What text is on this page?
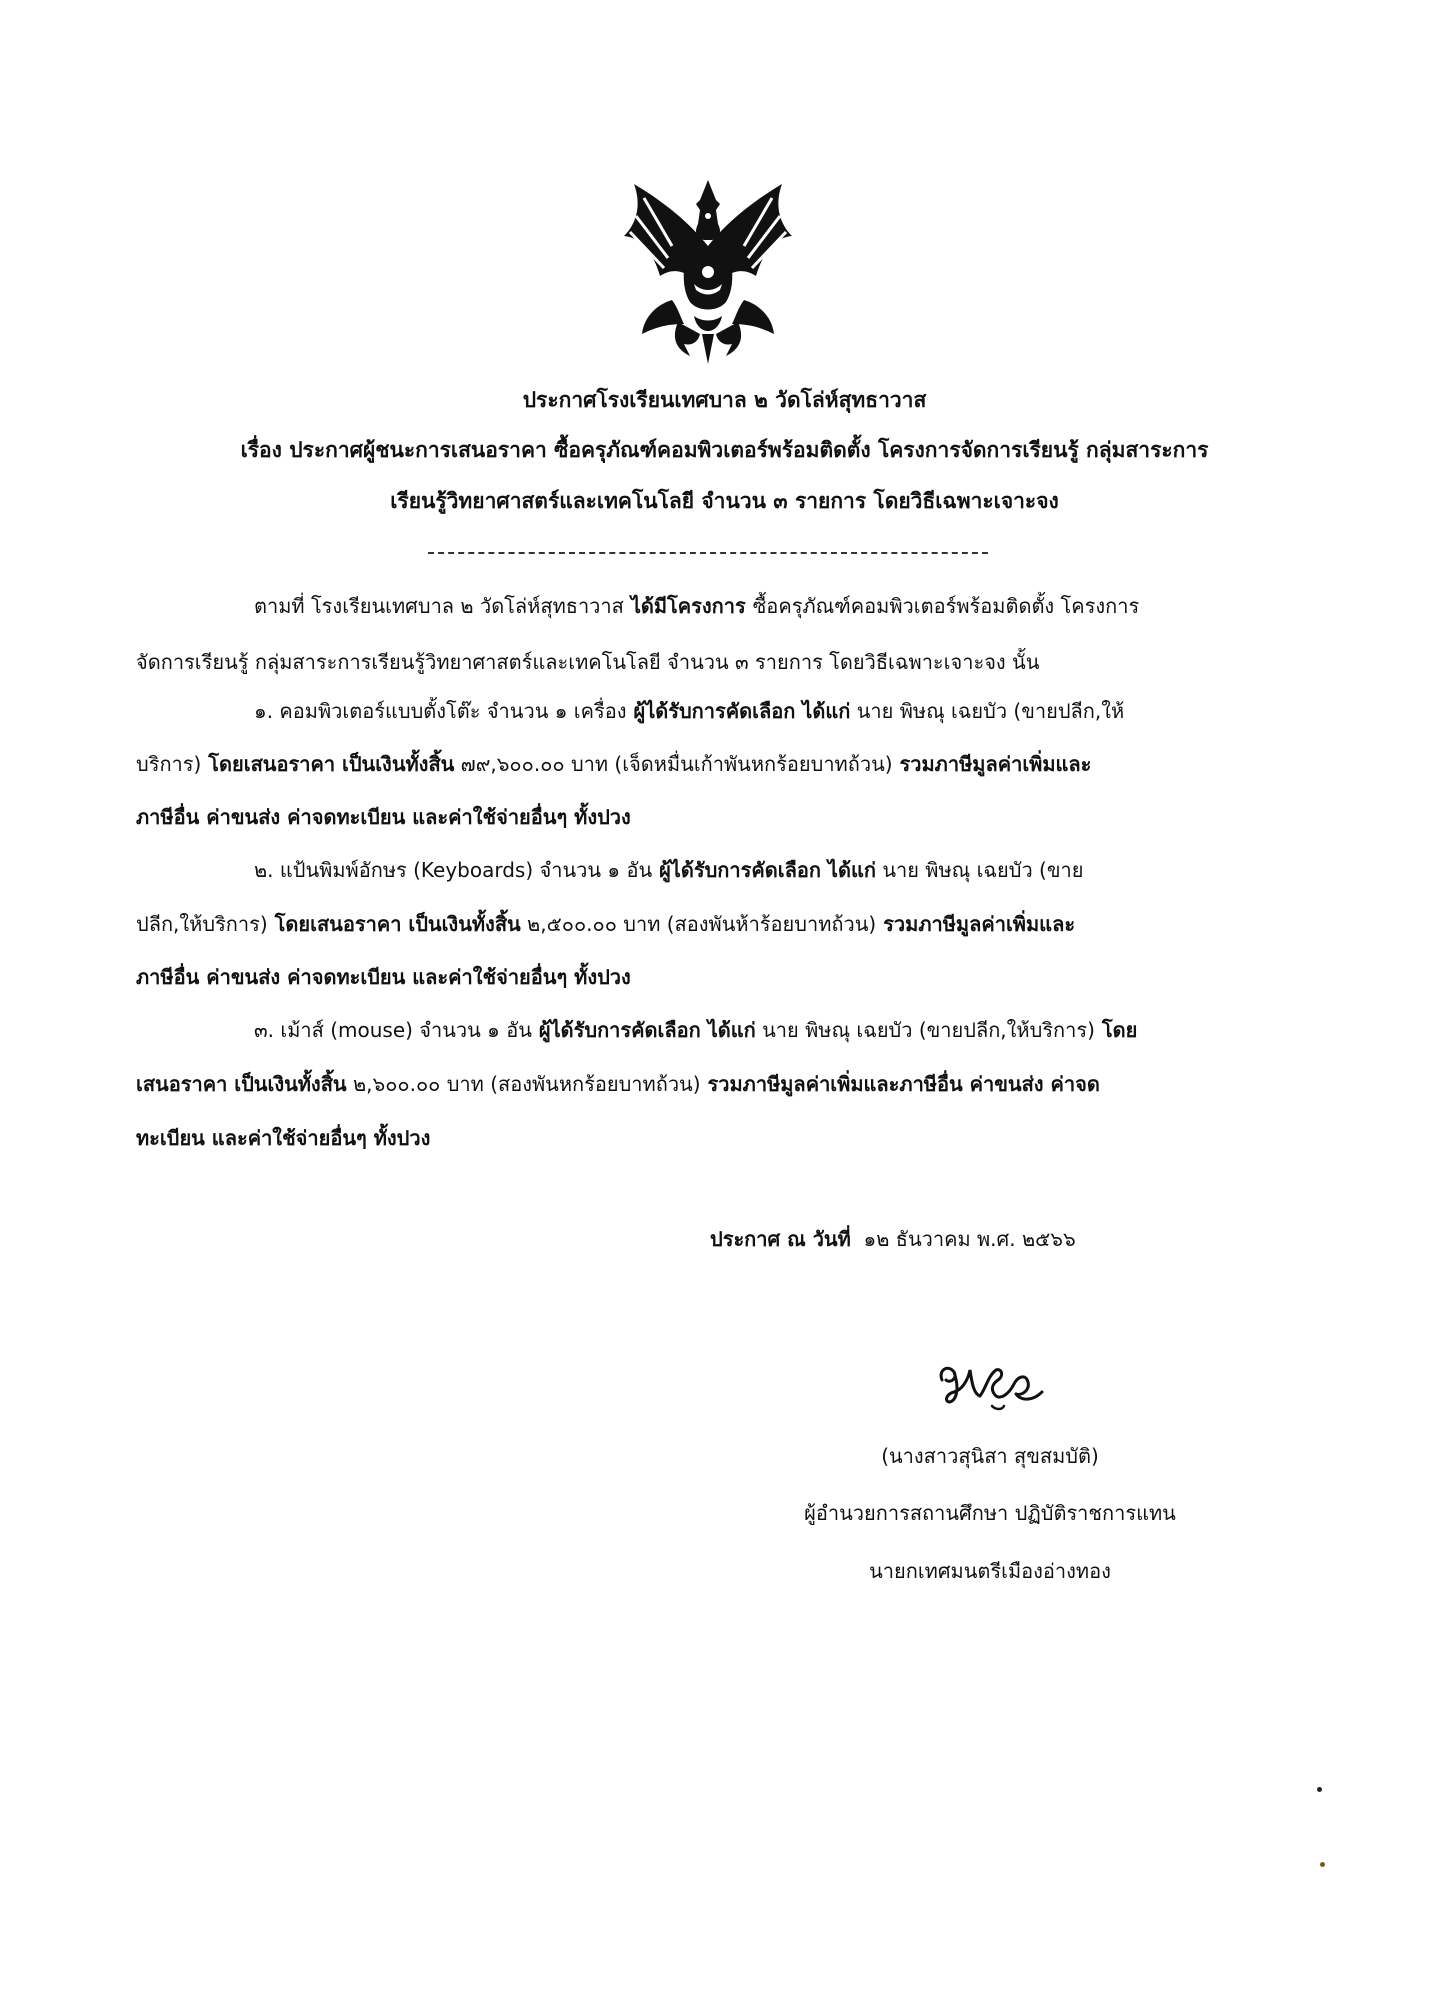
ประกาศโรงเรียนเทศบาล ๒ วัดโล่ห์สุทธาวาส
เรื่อง ประกาศผู้ชนะการเสนอราคา ซื้อครุภัณฑ์คอมพิวเตอร์พร้อมติดตั้ง โครงการจัดการเรียนรู้ กลุ่มสาระการ
เรียนรู้วิทยาศาสตร์และเทคโนโลยี จำนวน ๓ รายการ โดยวิธีเฉพาะเจาะจง
ตามที่ โรงเรียนเทศบาล ๒ วัดโล่ห์สุทธาวาส ได้มีโครงการ ซื้อครุภัณฑ์คอมพิวเตอร์พร้อมติดตั้ง โครงการ
จัดการเรียนรู้ กลุ่มสาระการเรียนรู้วิทยาศาสตร์และเทคโนโลยี จำนวน ๓ รายการ โดยวิธีเฉพาะเจาะจง นั้น
๑. คอมพิวเตอร์แบบตั้งโต๊ะ จำนวน ๑ เครื่อง ผู้ได้รับการคัดเลือก ได้แก่ นาย พิษณุ เฉยบัว (ขายปลีก,ให้
บริการ) โดยเสนอราคา เป็นเงินทั้งสิ้น ๗๙,๖๐๐.๐๐ บาท (เจ็ดหมื่นเก้าพันหกร้อยบาทถ้วน) รวมภาษีมูลค่าเพิ่มและ
ภาษีอื่น ค่าขนส่ง ค่าจดทะเบียน และค่าใช้จ่ายอื่นๆ ทั้งปวง
๒. แป้นพิมพ์อักษร (Keyboards) จำนวน ๑ อัน ผู้ได้รับการคัดเลือก ได้แก่ นาย พิษณุ เฉยบัว (ขาย
ปลีก,ให้บริการ) โดยเสนอราคา เป็นเงินทั้งสิ้น ๒,๕๐๐.๐๐ บาท (สองพันห้าร้อยบาทถ้วน) รวมภาษีมูลค่าเพิ่มและ
ภาษีอื่น ค่าขนส่ง ค่าจดทะเบียน และค่าใช้จ่ายอื่นๆ ทั้งปวง
๓. เม้าส์ (mouse) จำนวน ๑ อัน ผู้ได้รับการคัดเลือก ได้แก่ นาย พิษณุ เฉยบัว (ขายปลีก,ให้บริการ) โดย
เสนอราคา เป็นเงินทั้งสิ้น ๒,๖๐๐.๐๐ บาท (สองพันหกร้อยบาทถ้วน) รวมภาษีมูลค่าเพิ่มและภาษีอื่น ค่าขนส่ง ค่าจด
ทะเบียน และค่าใช้จ่ายอื่นๆ ทั้งปวง
ประกาศ ณ วันที่ ๑๒ ธันวาคม พ.ศ. ๒๕๖๖
(นางสาวสุนิสา สุขสมบัติ)
ผู้อำนวยการสถานศึกษา ปฏิบัติราชการแทน
นายกเทศมนตรีเมืองอ่างทอง
